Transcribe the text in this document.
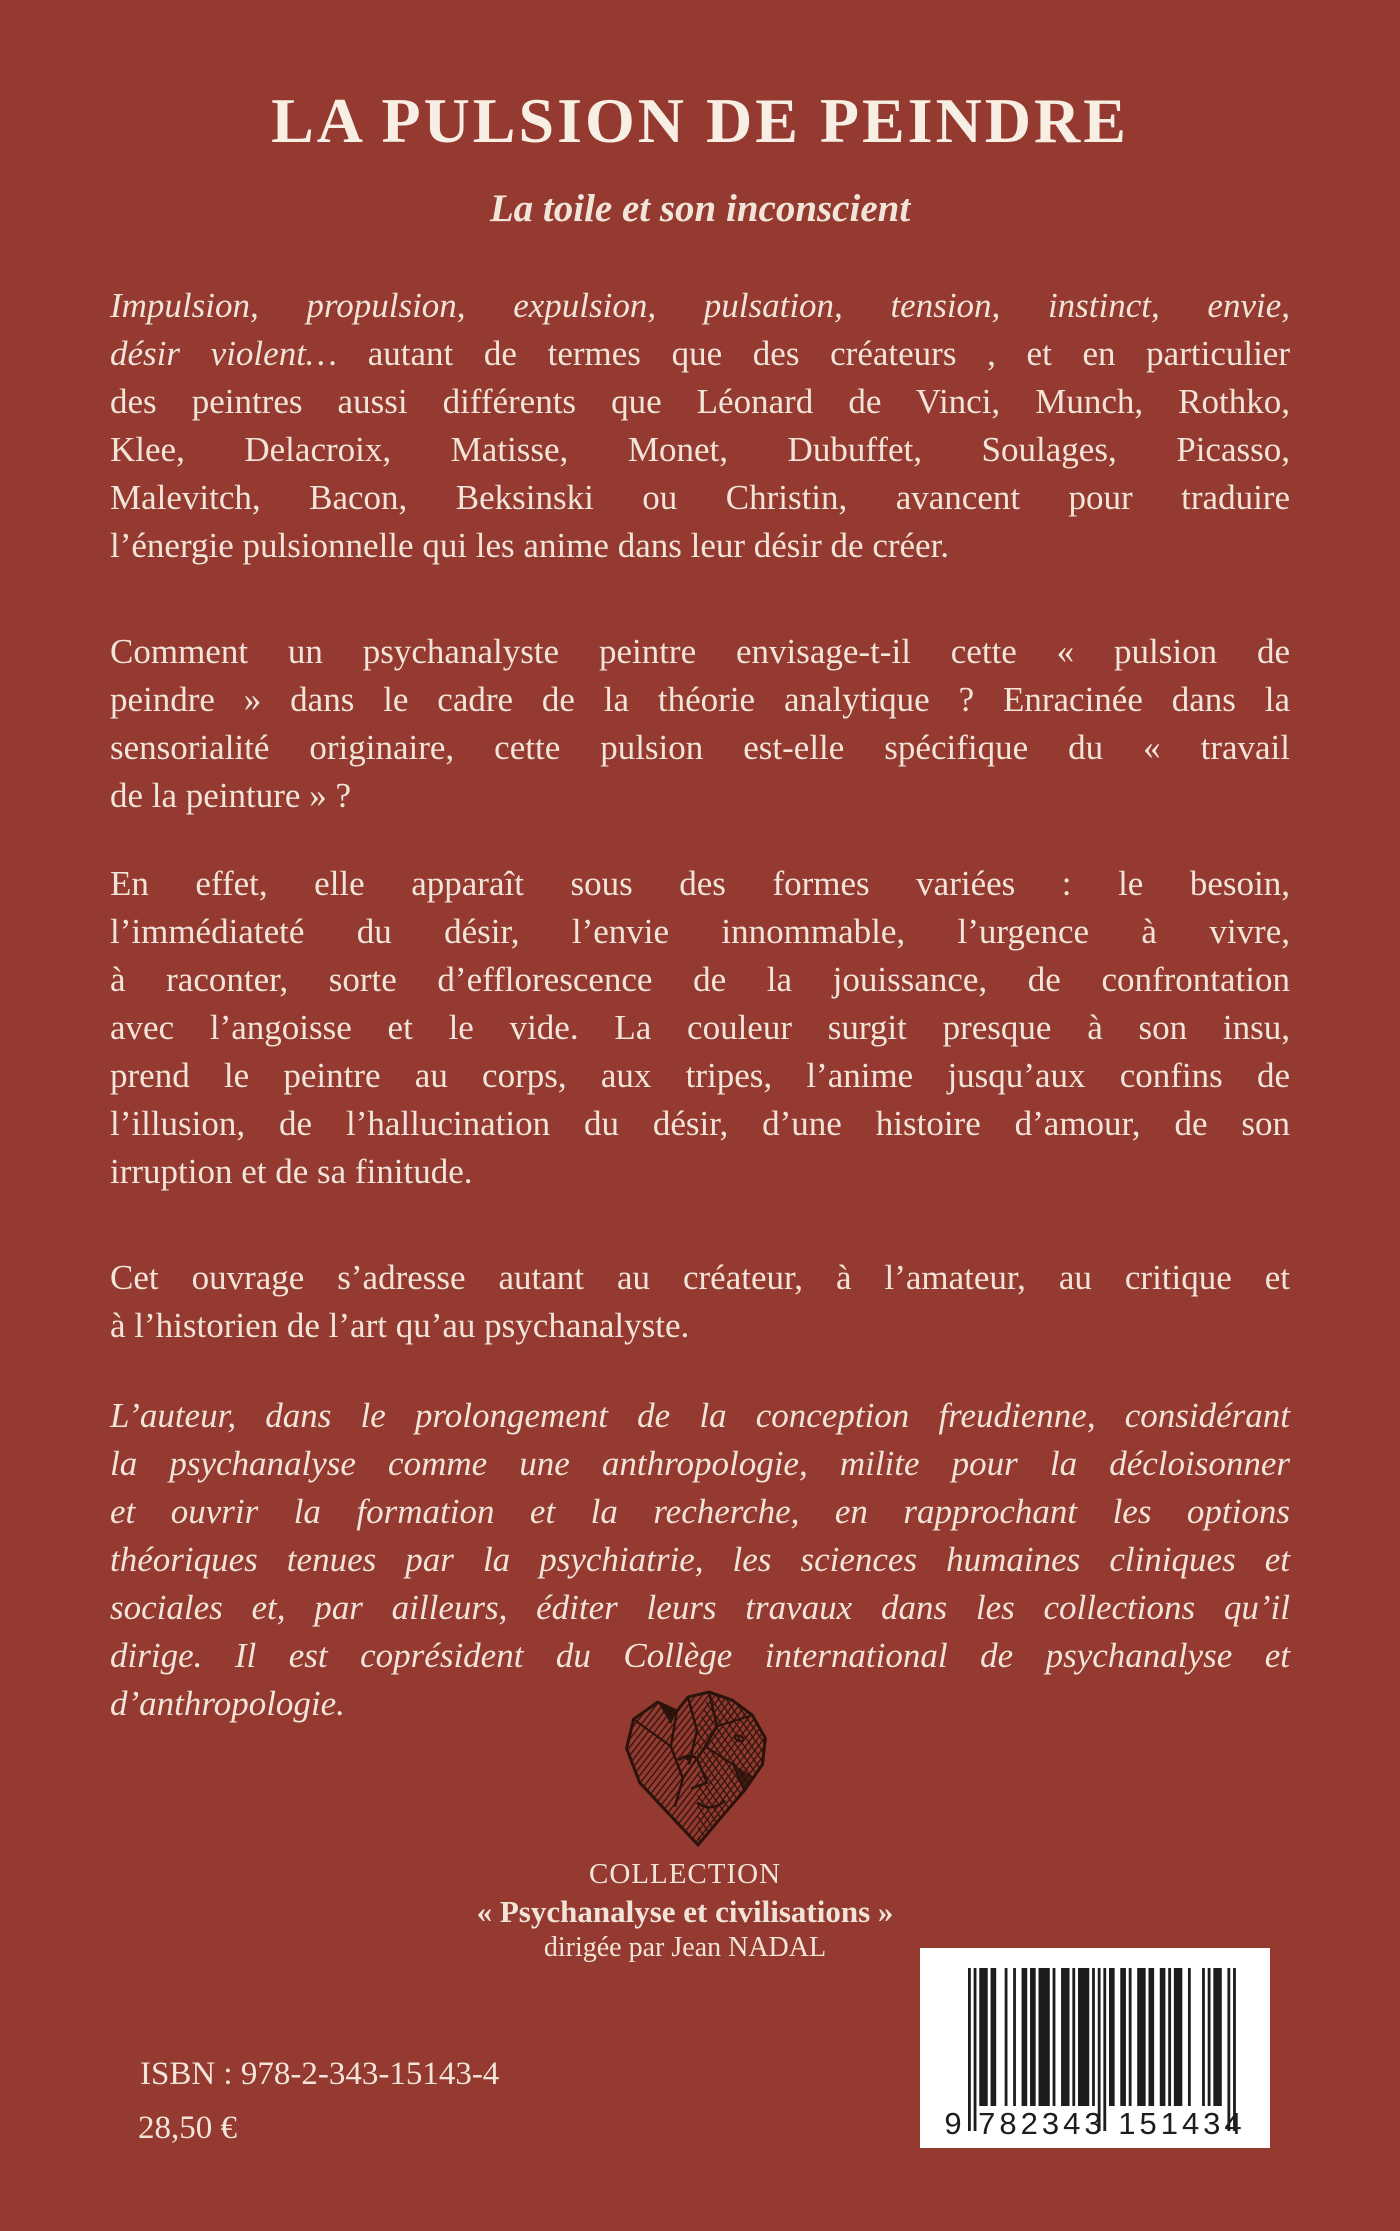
LA PULSION DE PEINDRE
La toile et son inconscient
Impulsion, propulsion, expulsion, pulsation, tension, instinct, envie,
désir violent… autant de termes que des créateurs , et en particulier
des peintres aussi différents que Léonard de Vinci, Munch, Rothko,
Klee, Delacroix, Matisse, Monet, Dubuffet, Soulages, Picasso,
Malevitch, Bacon, Beksinski ou Christin, avancent pour traduire
l’énergie pulsionnelle qui les anime dans leur désir de créer.
Comment un psychanalyste peintre envisage-t-il cette « pulsion de
peindre » dans le cadre de la théorie analytique ? Enracinée dans la
sensorialité originaire, cette pulsion est-elle spécifique du « travail
de la peinture » ?
En effet, elle apparaît sous des formes variées : le besoin,
l’immédiateté du désir, l’envie innommable, l’urgence à vivre,
à raconter, sorte d’efflorescence de la jouissance, de confrontation
avec l’angoisse et le vide. La couleur surgit presque à son insu,
prend le peintre au corps, aux tripes, l’anime jusqu’aux confins de
l’illusion, de l’hallucination du désir, d’une histoire d’amour, de son
irruption et de sa finitude.
Cet ouvrage s’adresse autant au créateur, à l’amateur, au critique et
à l’historien de l’art qu’au psychanalyste.
L’auteur, dans le prolongement de la conception freudienne, considérant
la psychanalyse comme une anthropologie, milite pour la décloisonner
et ouvrir la formation et la recherche, en rapprochant les options
théoriques tenues par la psychiatrie, les sciences humaines cliniques et
sociales et, par ailleurs, éditer leurs travaux dans les collections qu’il
dirige. Il est coprésident du Collège international de psychanalyse et
d’anthropologie.
COLLECTION
« Psychanalyse et civilisations »
dirigée par Jean NADAL
ISBN : 978-2-343-15143-4
28,50 €	9 782343 151434
